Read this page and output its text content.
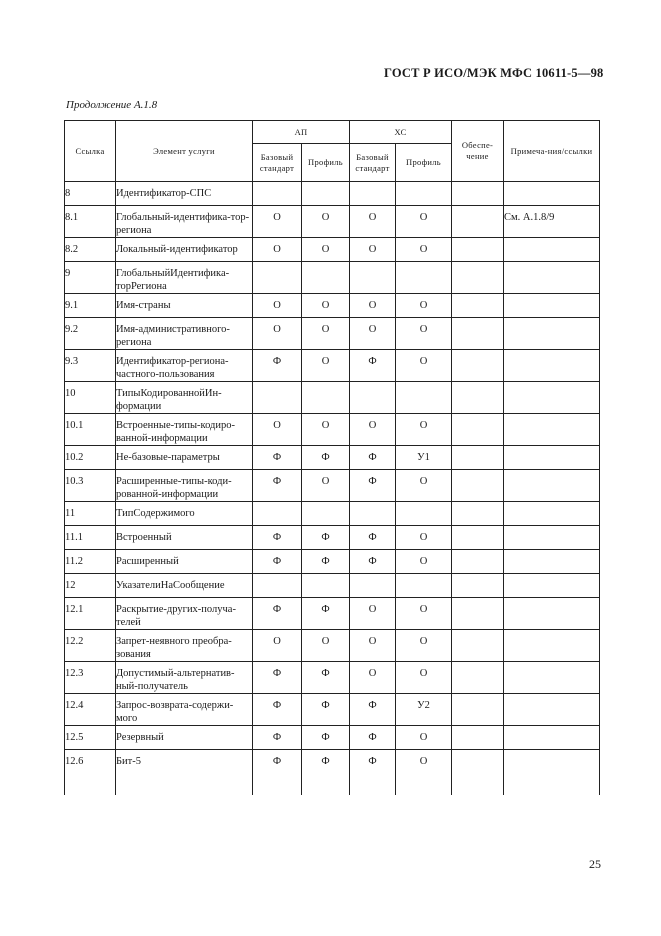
ГОСТ Р ИСО/МЭК МФС 10611-5—98
Продолжение А.1.8
Ссылка	Элемент услуги	АП		ХС		Обеспе-чение	Примеча-ния/ссылки
		Базовый стандарт	Профиль	Базовый стандарт	Профиль		
8	Идентификатор-СПС						
8.1	Глобальный-идентифика-тор-региона	О	О	О	О		См. А.1.8/9
8.2	Локальный-идентификатор	О	О	О	О		
9	ГлобальныйИдентифика-торРегиона						
9.1	Имя-страны	О	О	О	О		
9.2	Имя-административного-региона	О	О	О	О		
9.3	Идентификатор-региона-частного-пользования	Ф	О	Ф	О		
10	ТипыКодированнойИн-формации						
10.1	Встроенные-типы-кодиро-ванной-информации	О	О	О	О		
10.2	Не-базовые-параметры	Ф	Ф	Ф	У1		
10.3	Расширенные-типы-коди-рованной-информации	Ф	О	Ф	О		
11	ТипСодержимого						
11.1	Встроенный	Ф	Ф	Ф	О		
11.2	Расширенный	Ф	Ф	Ф	О		
12	УказателиНаСообщение						
12.1	Раскрытие-других-получа-телей	Ф	Ф	О	О		
12.2	Запрет-неявного преобра-зования	О	О	О	О		
12.3	Допустимый-альтернатив-ный-получатель	Ф	Ф	О	О		
12.4	Запрос-возврата-содержи-мого	Ф	Ф	Ф	У2		
12.5	Резервный	Ф	Ф	Ф	О		
12.6	Бит-5	Ф	Ф	Ф	О		
25
